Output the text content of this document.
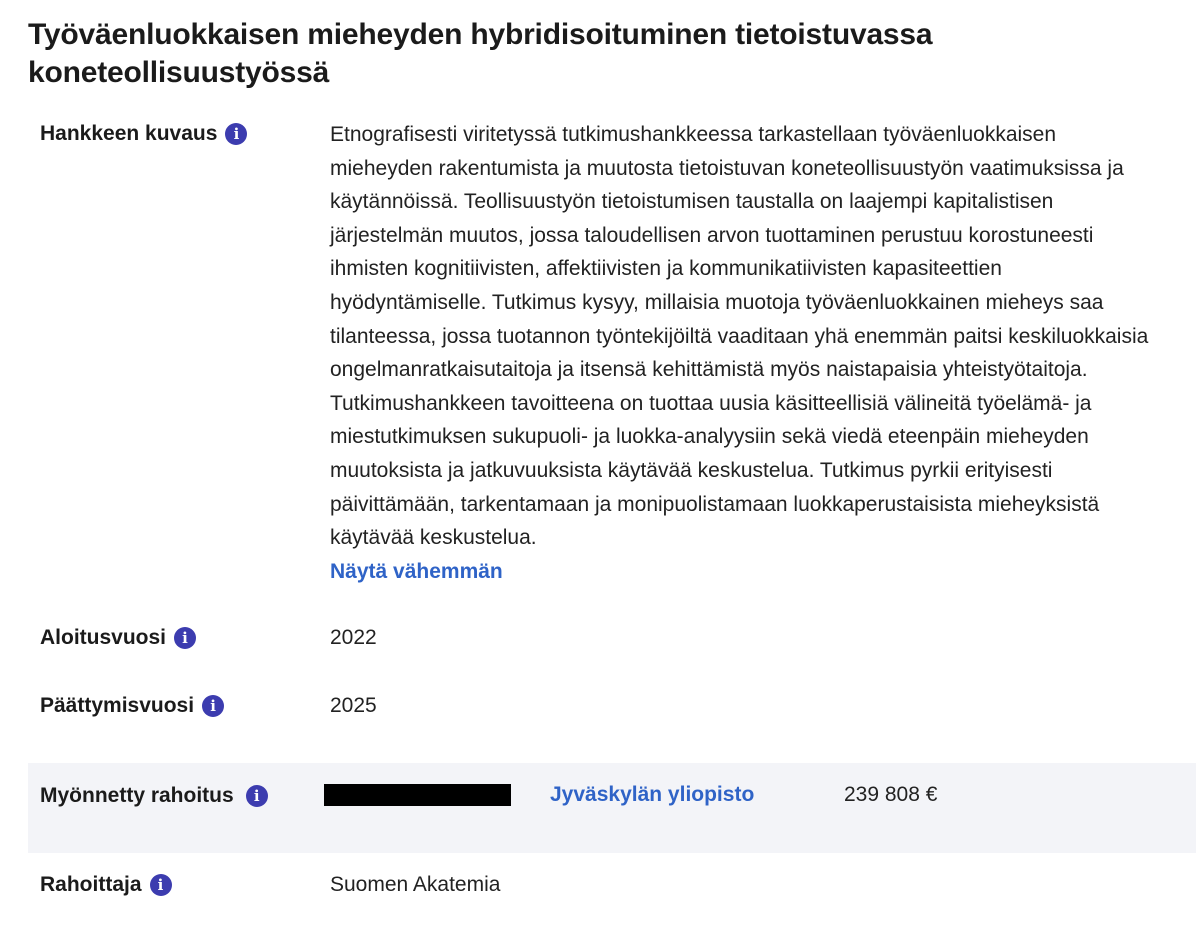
Työväenluokkaisen mieheyden hybridisoituminen tietoistuvassa koneteollisuustyössä
Hankkeen kuvaus	i	Etnografisesti viritetyssä tutkimushankkeessa tarkastellaan työväenluokkaisen mieheyden rakentumista ja muutosta tietoistuvan koneteollisuustyön vaatimuksissa ja käytännöissä. Teollisuustyön tietoistumisen taustalla on laajempi kapitalistisen järjestelmän muutos, jossa taloudellisen arvon tuottaminen perustuu korostuneesti ihmisten kognitiivisten, affektiivisten ja kommunikatiivisten kapasiteettien hyödyntämiselle. Tutkimus kysyy, millaisia muotoja työväenluokkainen mieheys saa tilanteessa, jossa tuotannon työntekijöiltä vaaditaan yhä enemmän paitsi keskiluokkaisia ongelmanratkaisutaitoja ja itsensä kehittämistä myös naistapaisia yhteistyötaitoja. Tutkimushankkeen tavoitteena on tuottaa uusia käsitteellisiä välineitä työelämä- ja miestutkimuksen sukupuoli- ja luokka-analyysiin sekä viedä eteenpäin mieheyden muutoksista ja jatkuvuuksista käytävää keskustelua. Tutkimus pyrkii erityisesti päivittämään, tarkentamaan ja monipuolistamaan luokkaperustaisista mieheyksistä käytävää keskustelua.
Näytä vähemmän
Aloitusvuosi	i	2022
Päättymisvuosi	i	2025
Myönnetty rahoitus	i	Jyväskylän yliopisto	239 808 €
Rahoittaja	i	Suomen Akatemia
